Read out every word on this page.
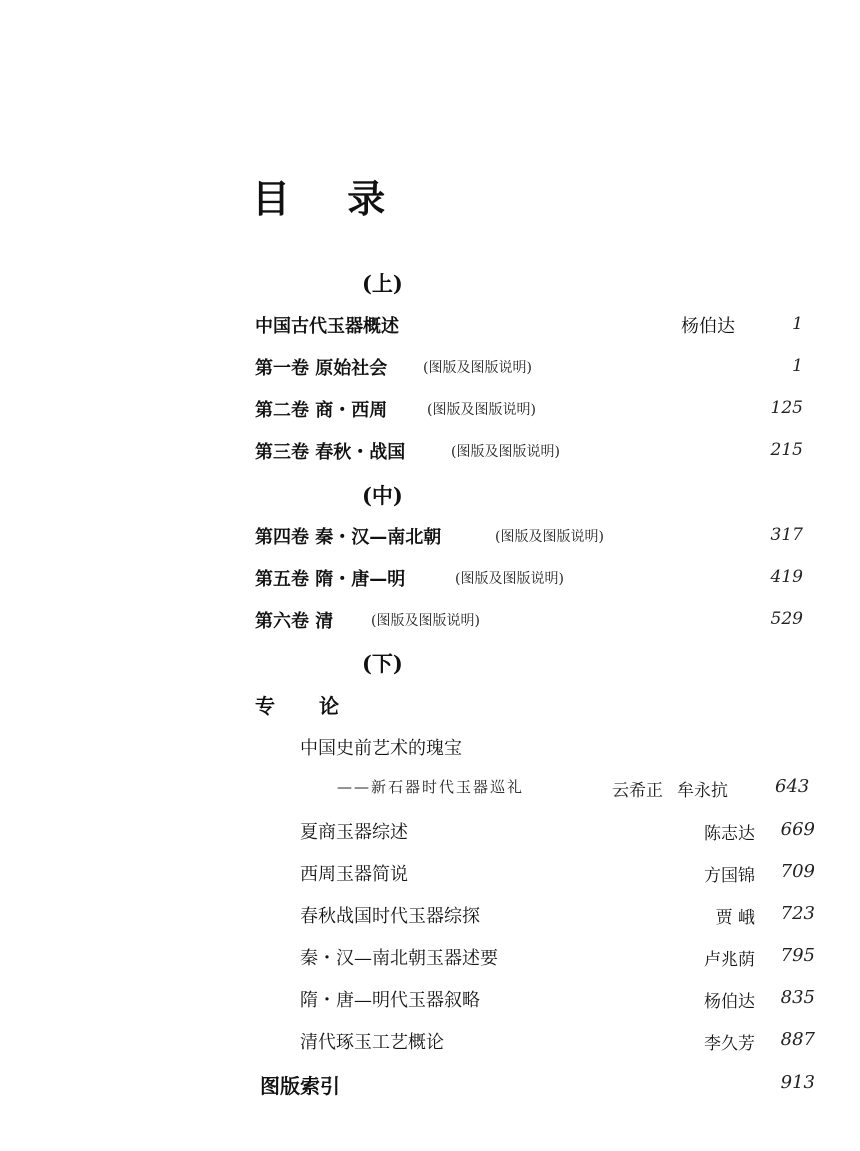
目 录
(上)
中国古代玉器概述	杨伯达	1
第一卷 原始社会	(图版及图版说明)	1
第二卷 商・西周	(图版及图版说明)	125
第三卷 春秋・战国	(图版及图版说明)	215
(中)
第四卷 秦・汉—南北朝	(图版及图版说明)	317
第五卷 隋・唐—明	(图版及图版说明)	419
第六卷 清	(图版及图版说明)	529
(下)
专论
中国史前艺术的瑰宝
——新石器时代玉器巡礼	云希正 牟永抗	643
夏商玉器综述	陈志达 669
西周玉器简说	方国锦 709
春秋战国时代玉器综探	贾 峨 723
秦・汉—南北朝玉器述要	卢兆荫 795
隋・唐—明代玉器叙略	杨伯达 835
清代琢玉工艺概论	李久芳 887
图版索引	913
